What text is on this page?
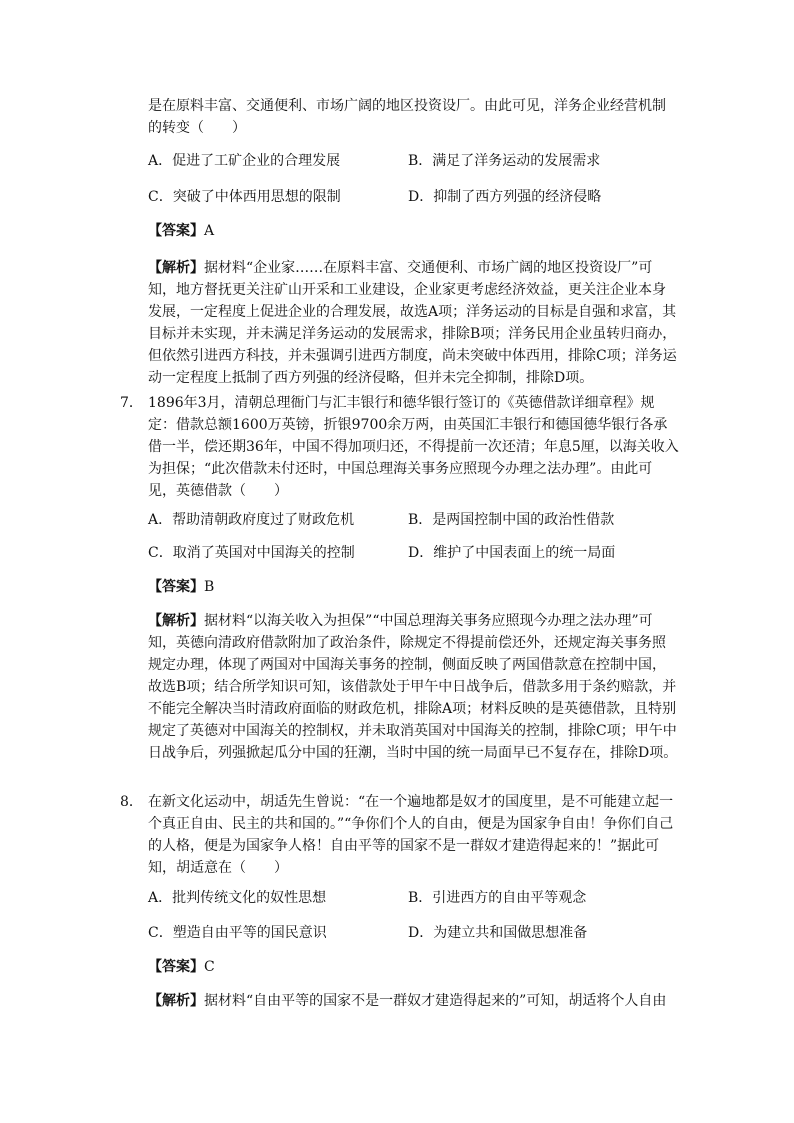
是在原料丰富、交通便利、市场广阔的地区投资设厂。由此可见，洋务企业经营机制的转变（　　）

A．促进了工矿企业的合理发展	B．满足了洋务运动的发展需求
C．突破了中体西用思想的限制	D．抑制了西方列强的经济侵略
【答案】A
【解析】据材料“企业家……在原料丰富、交通便利、市场广阔的地区投资设厂”可知，地方督抚更关注矿山开采和工业建设，企业家更考虑经济效益，更关注企业本身发展，一定程度上促进企业的合理发展，故选A项；洋务运动的目标是自强和求富，其目标并未实现，并未满足洋务运动的发展需求，排除B项；洋务民用企业虽转归商办，但依然引进西方科技，并未强调引进西方制度，尚未突破中体西用，排除C项；洋务运动一定程度上抵制了西方列强的经济侵略，但并未完全抑制，排除D项。
7． 1896年3月，清朝总理衙门与汇丰银行和德华银行签订的《英德借款详细章程》规定：借款总额1600万英镑，折银9700余万两，由英国汇丰银行和德国德华银行各承借一半，偿还期36年，中国不得加项归还，不得提前一次还清；年息5厘，以海关收入为担保；“此次借款未付还时，中国总理海关事务应照现今办理之法办理”。由此可见，英德借款（　　）

A．帮助清朝政府度过了财政危机	B．是两国控制中国的政治性借款
C．取消了英国对中国海关的控制	D．维护了中国表面上的统一局面
【答案】B
【解析】据材料“以海关收入为担保”“中国总理海关事务应照现今办理之法办理”可知，英德向清政府借款附加了政治条件，除规定不得提前偿还外，还规定海关事务照规定办理，体现了两国对中国海关事务的控制，侧面反映了两国借款意在控制中国，故选B项；结合所学知识可知，该借款处于甲午中日战争后，借款多用于条约赔款，并不能完全解决当时清政府面临的财政危机，排除A项；材料反映的是英德借款，且特别规定了英德对中国海关的控制权，并未取消英国对中国海关的控制，排除C项；甲午中日战争后，列强掀起瓜分中国的狂潮，当时中国的统一局面早已不复存在，排除D项。
8． 在新文化运动中，胡适先生曾说：“在一个遍地都是奴才的国度里，是不可能建立起一个真正自由、民主的共和国的。”“争你们个人的自由，便是为国家争自由！争你们自己的人格，便是为国家争人格！自由平等的国家不是一群奴才建造得起来的！”据此可知，胡适意在（　　）

A．批判传统文化的奴性思想	B．引进西方的自由平等观念
C．塑造自由平等的国民意识	D．为建立共和国做思想准备
【答案】C
【解析】据材料“自由平等的国家不是一群奴才建造得起来的”可知，胡适将个人自由
